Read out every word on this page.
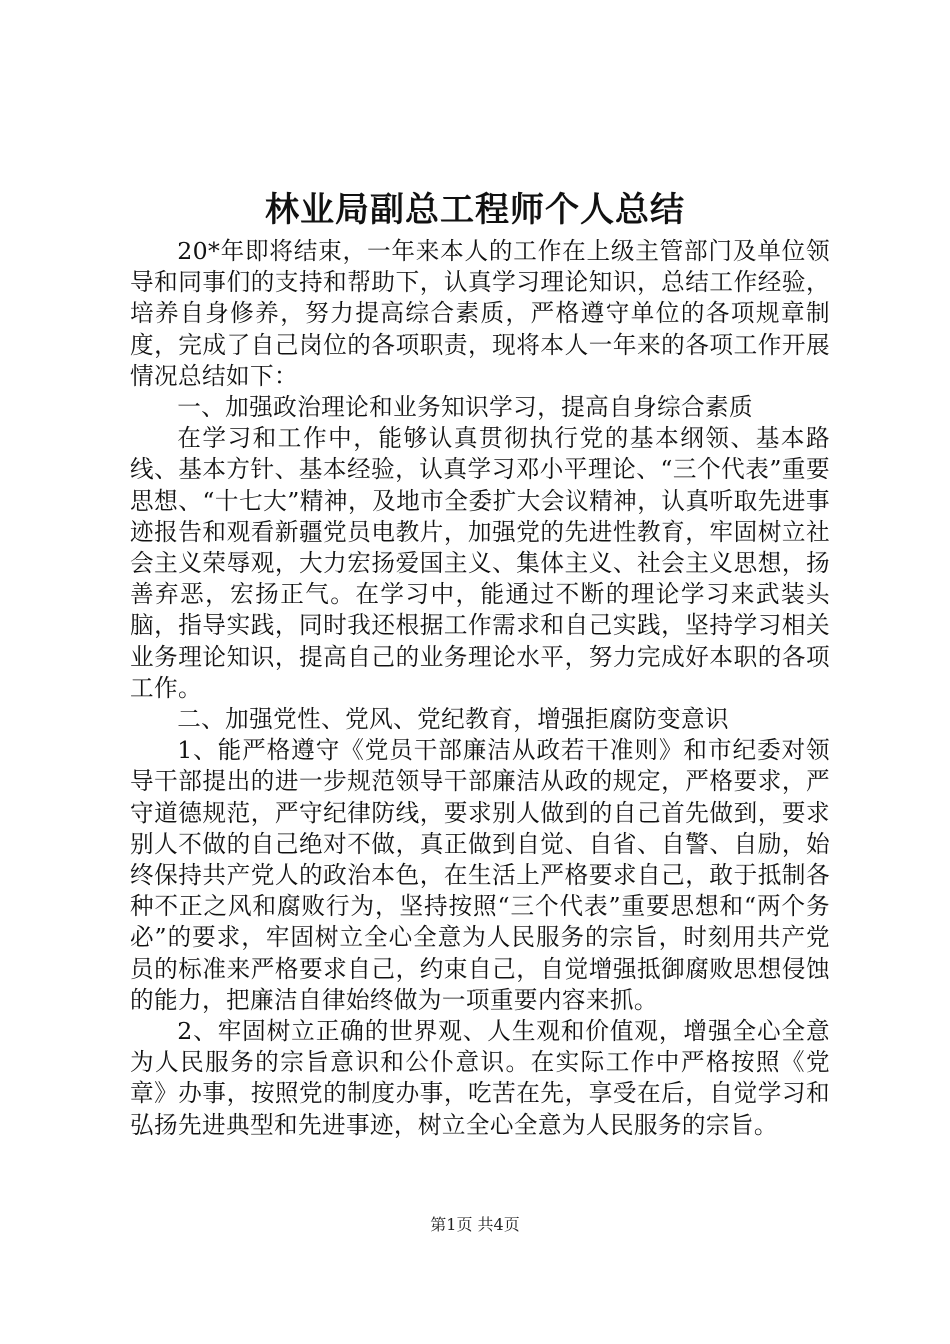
林业局副总工程师个人总结

20*年即将结束，一年来本人的工作在上级主管部门及单位领导和同事们的支持和帮助下，认真学习理论知识，总结工作经验，培养自身修养，努力提高综合素质，严格遵守单位的各项规章制度，完成了自己岗位的各项职责，现将本人一年来的各项工作开展情况总结如下：

一、加强政治理论和业务知识学习，提高自身综合素质

在学习和工作中，能够认真贯彻执行党的基本纲领、基本路线、基本方针、基本经验，认真学习邓小平理论、“三个代表”重要思想、“十七大”精神，及地市全委扩大会议精神，认真听取先进事迹报告和观看新疆党员电教片，加强党的先进性教育，牢固树立社会主义荣辱观，大力宏扬爱国主义、集体主义、社会主义思想，扬善弃恶，宏扬正气。在学习中，能通过不断的理论学习来武装头脑，指导实践，同时我还根据工作需求和自己实践，坚持学习相关业务理论知识，提高自己的业务理论水平，努力完成好本职的各项工作。

二、加强党性、党风、党纪教育，增强拒腐防变意识

1、能严格遵守《党员干部廉洁从政若干准则》和市纪委对领导干部提出的进一步规范领导干部廉洁从政的规定，严格要求，严守道德规范，严守纪律防线，要求别人做到的自己首先做到，要求别人不做的自己绝对不做，真正做到自觉、自省、自警、自励，始终保持共产党人的政治本色，在生活上严格要求自己，敢于抵制各种不正之风和腐败行为，坚持按照“三个代表”重要思想和“两个务必”的要求，牢固树立全心全意为人民服务的宗旨，时刻用共产党员的标准来严格要求自己，约束自己，自觉增强抵御腐败思想侵蚀的能力，把廉洁自律始终做为一项重要内容来抓。

2、牢固树立正确的世界观、人生观和价值观，增强全心全意为人民服务的宗旨意识和公仆意识。在实际工作中严格按照《党章》办事，按照党的制度办事，吃苦在先，享受在后，自觉学习和弘扬先进典型和先进事迹，树立全心全意为人民服务的宗旨。

第1页 共4页
